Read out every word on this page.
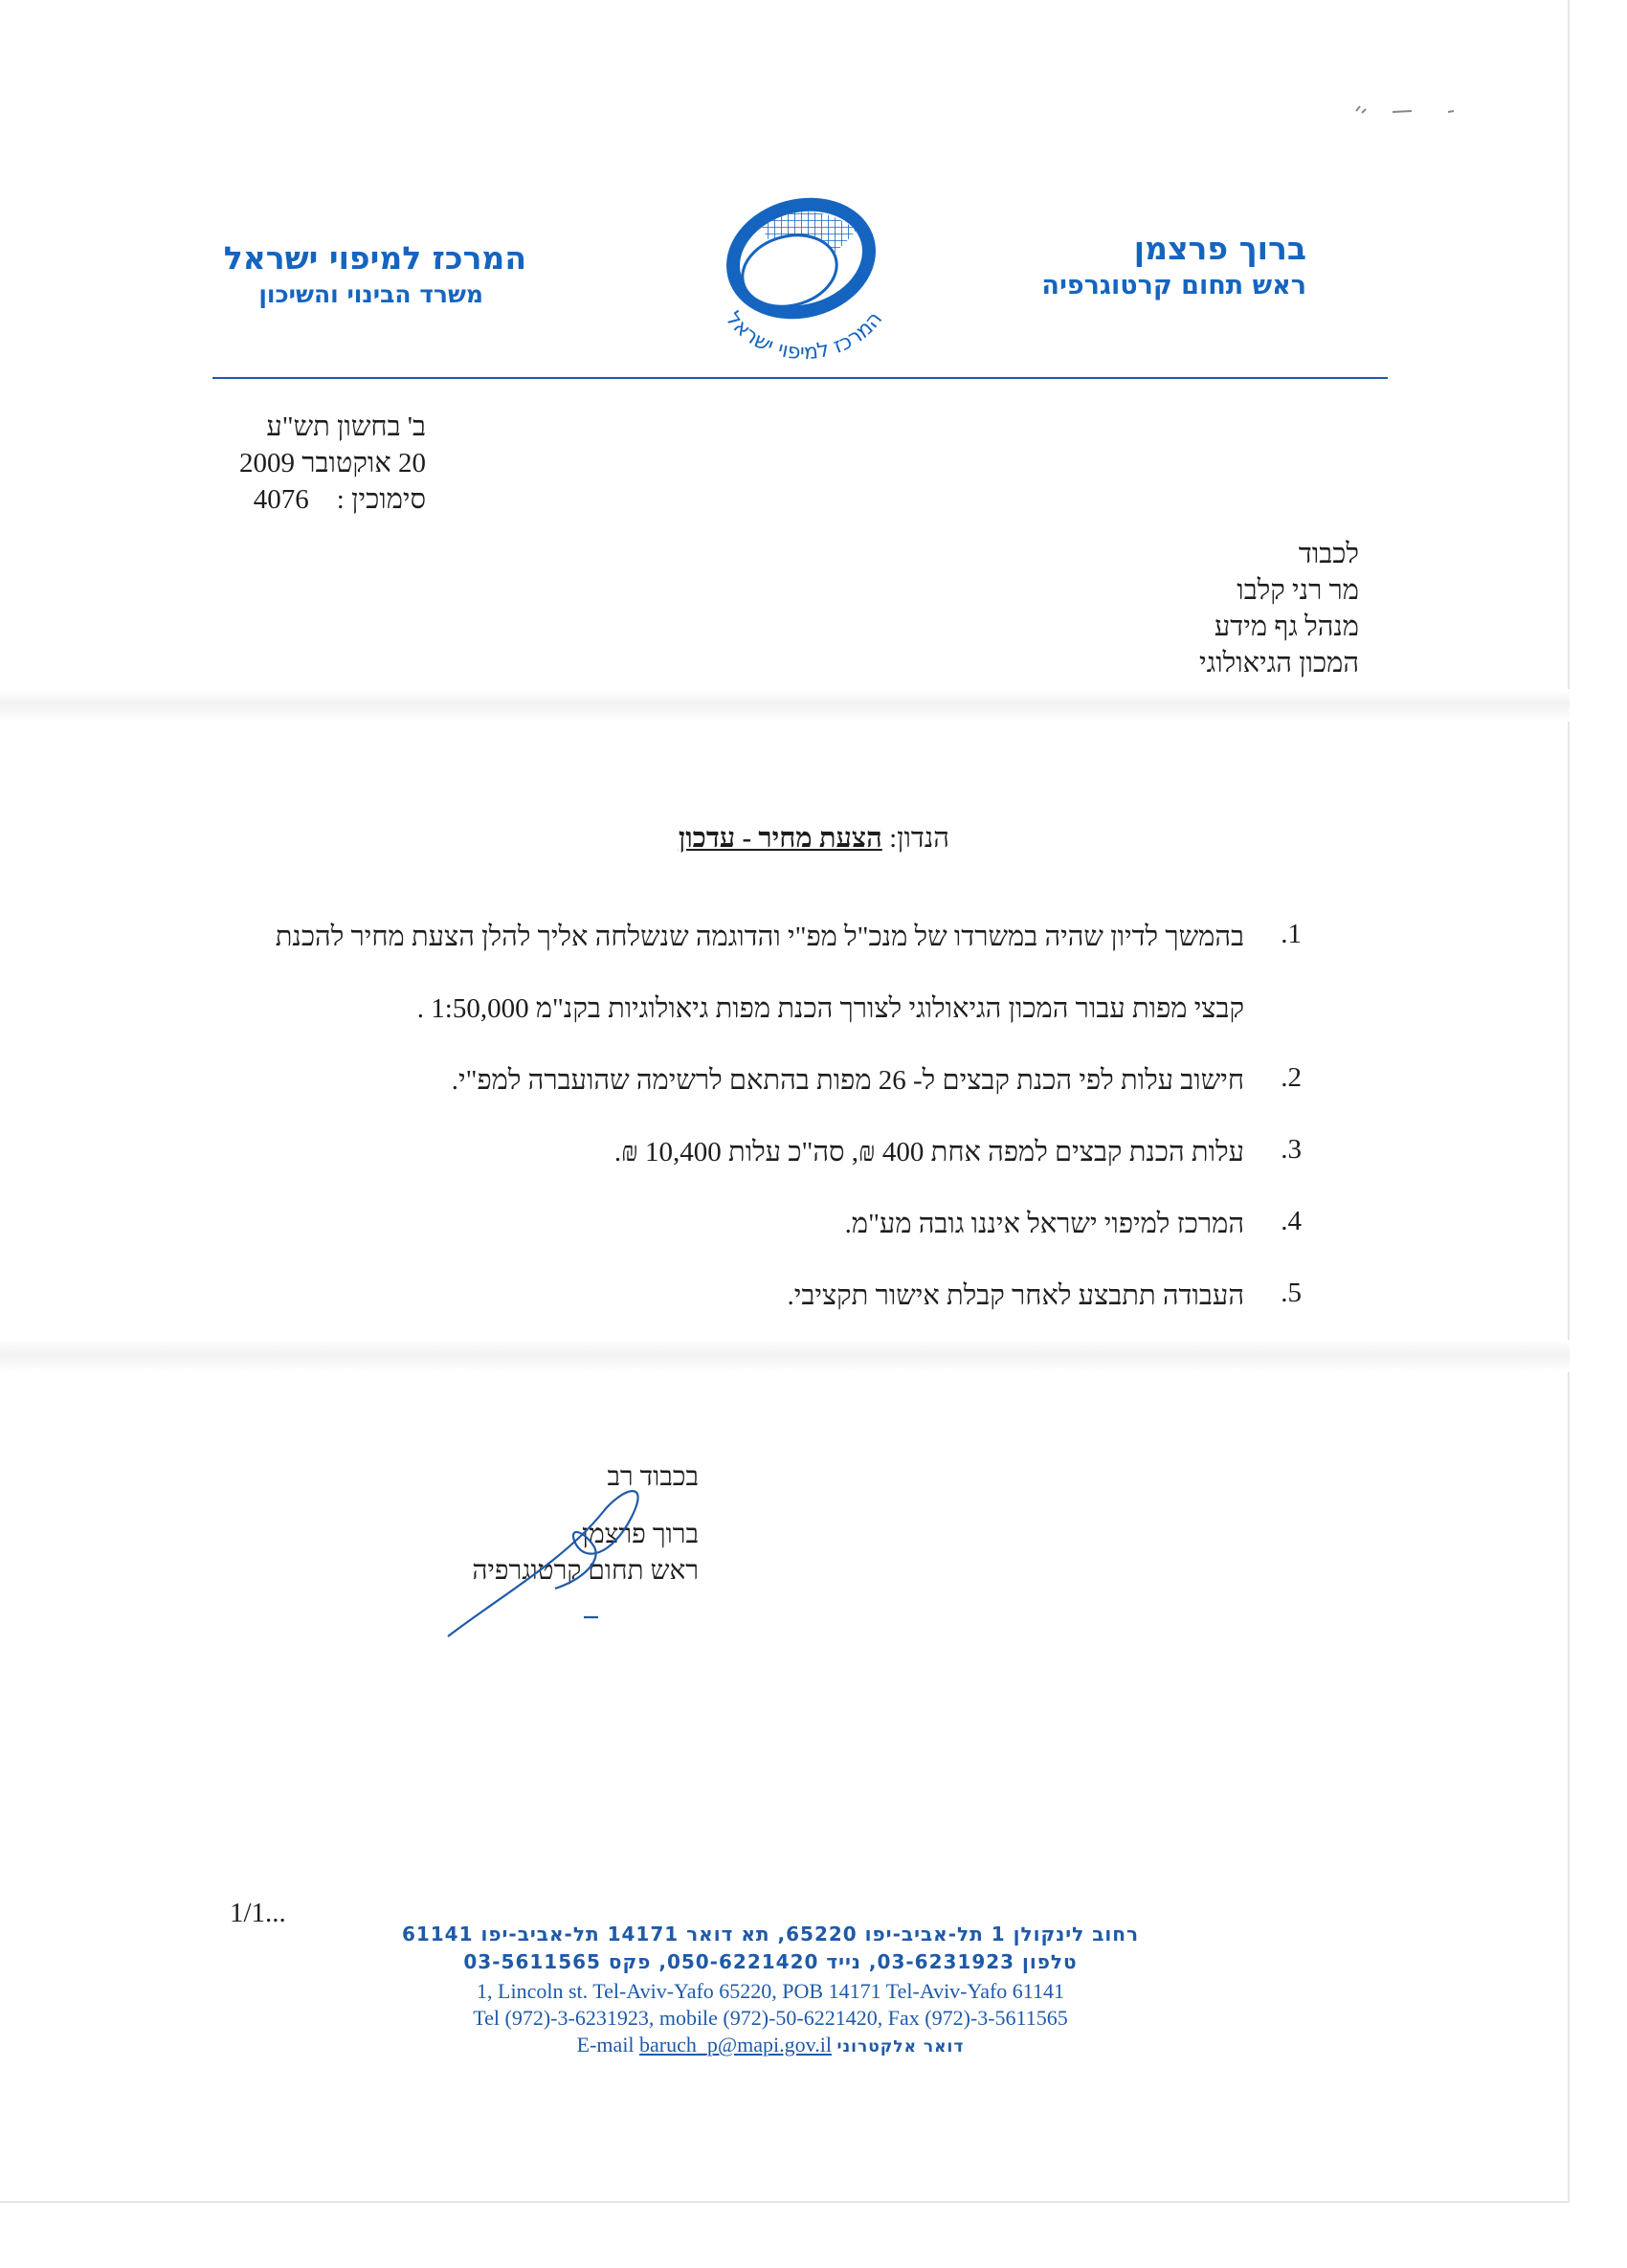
ברוך פרצמן
ראש תחום קרטוגרפיה
המרכז למיפוי ישראל
משרד הבינוי והשיכון
המרכז למיפוי ישראל
ב' בחשון תש"ע
20 אוקטובר 2009
סימוכין :    4076
לכבוד
מר רני קלבו
מנהל גף מידע
המכון הגיאולוגי
הנדון: הצעת מחיר - עדכון
1.
בהמשך לדיון שהיה במשרדו של מנכ"ל מפ"י והדוגמה שנשלחה אליך להלן הצעת מחיר להכנת
קבצי מפות עבור המכון הגיאולוגי לצורך הכנת מפות גיאולוגיות בקנ"מ 1:50,000 .
2.
חישוב עלות לפי הכנת קבצים ל- 26 מפות בהתאם לרשימה שהועברה למפ"י.
3.
עלות הכנת קבצים למפה אחת 400 ₪, סה"כ עלות 10,400 ₪.
4.
המרכז למיפוי ישראל איננו גובה מע"מ.
5.
העבודה תתבצע לאחר קבלת אישור תקציבי.
בכבוד רב
ברוך פרצמן
ראש תחום קרטוגרפיה
1/1...
רחוב לינקולן 1 תל-אביב-יפו 65220, תא דואר 14171 תל-אביב-יפו 61141
טלפון 03-6231923, נייד 050-6221420, פקס 03-5611565
1, Lincoln st. Tel-Aviv-Yafo 65220, POB 14171 Tel-Aviv-Yafo 61141
Tel (972)-3-6231923, mobile (972)-50-6221420, Fax (972)-3-5611565
E-mail baruch_p@mapi.gov.il דואר אלקטרוני
